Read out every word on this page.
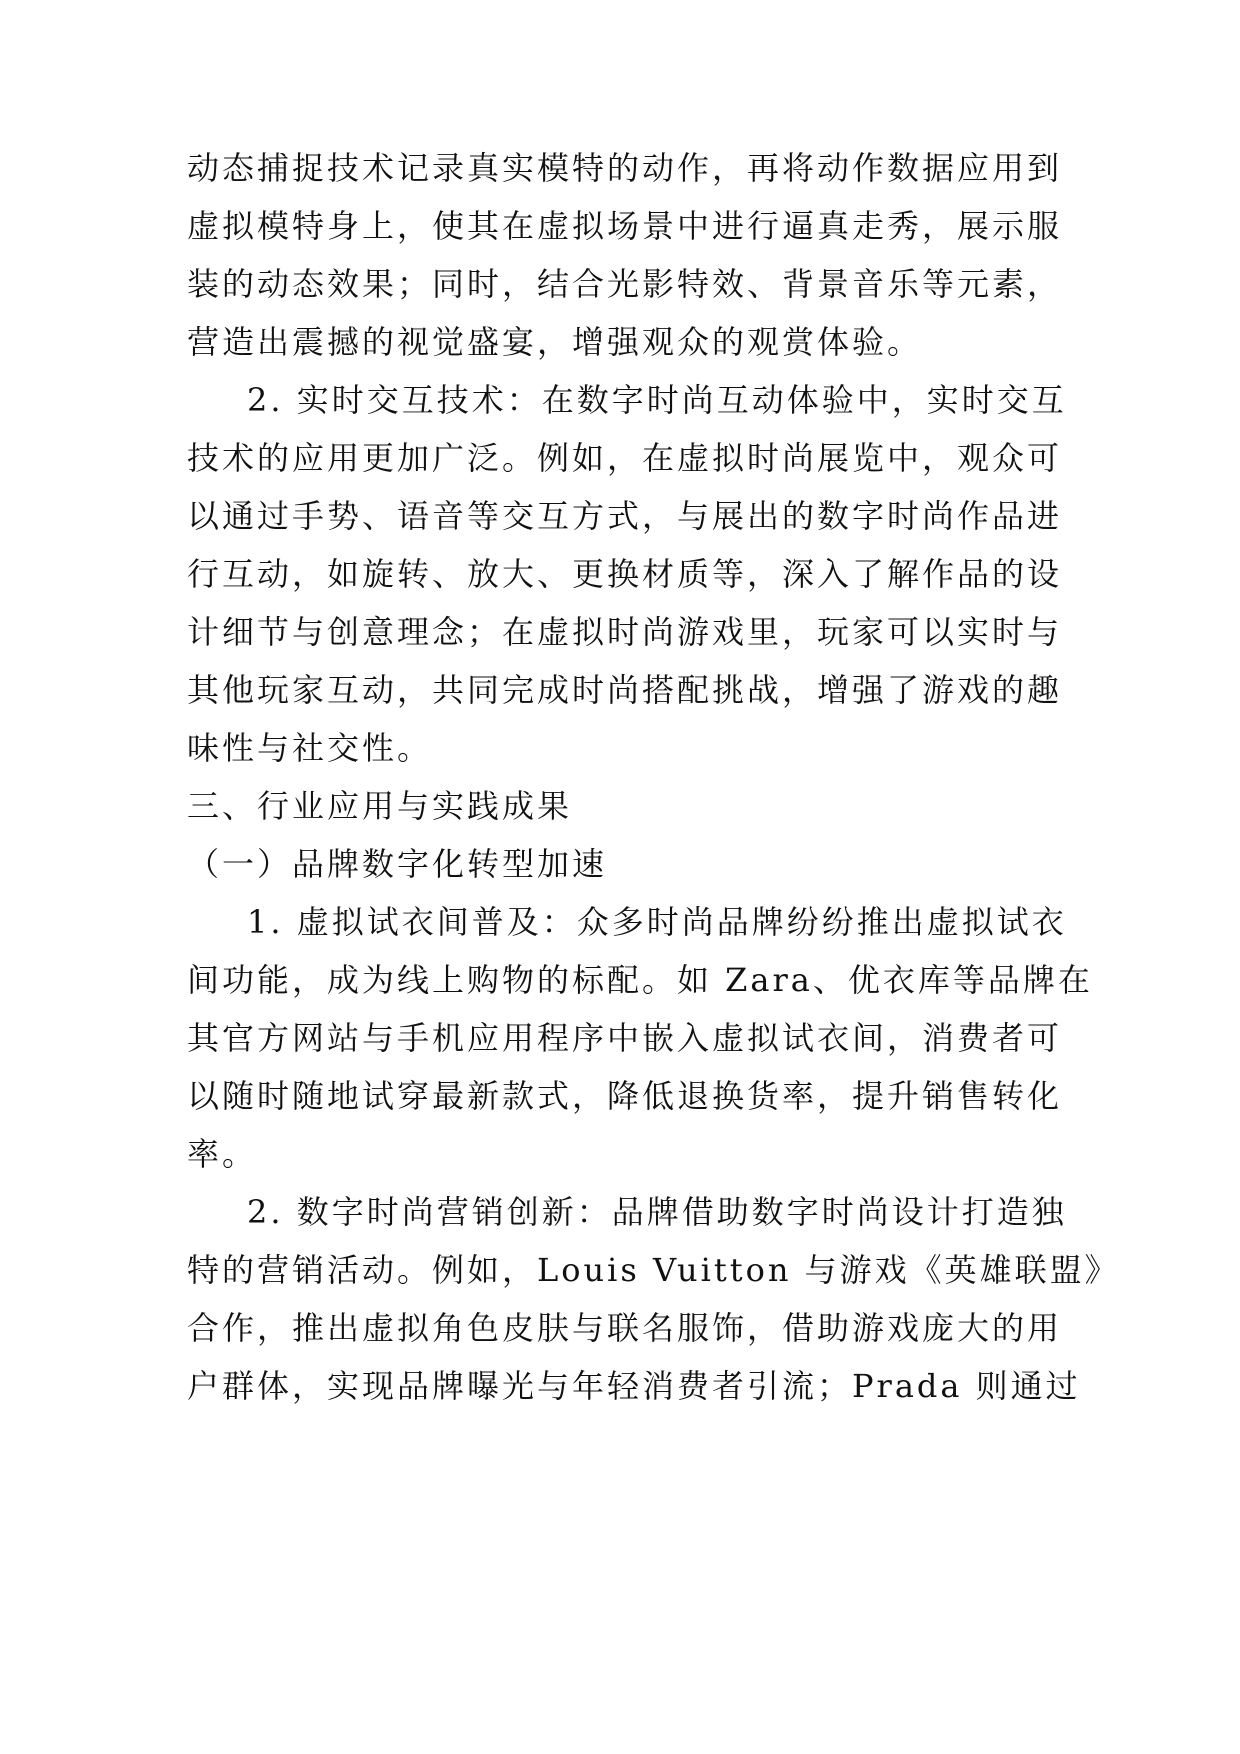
动态捕捉技术记录真实模特的动作，再将动作数据应用到
虚拟模特身上，使其在虚拟场景中进行逼真走秀，展示服
装的动态效果；同时，结合光影特效、背景音乐等元素，
营造出震撼的视觉盛宴，增强观众的观赏体验。
2. 实时交互技术：在数字时尚互动体验中，实时交互
技术的应用更加广泛。例如，在虚拟时尚展览中，观众可
以通过手势、语音等交互方式，与展出的数字时尚作品进
行互动，如旋转、放大、更换材质等，深入了解作品的设
计细节与创意理念；在虚拟时尚游戏里，玩家可以实时与
其他玩家互动，共同完成时尚搭配挑战，增强了游戏的趣
味性与社交性。
三、行业应用与实践成果
（一）品牌数字化转型加速
1. 虚拟试衣间普及：众多时尚品牌纷纷推出虚拟试衣
间功能，成为线上购物的标配。如 Zara、优衣库等品牌在
其官方网站与手机应用程序中嵌入虚拟试衣间，消费者可
以随时随地试穿最新款式，降低退换货率，提升销售转化
率。
2. 数字时尚营销创新：品牌借助数字时尚设计打造独
特的营销活动。例如，Louis Vuitton 与游戏《英雄联盟》
合作，推出虚拟角色皮肤与联名服饰，借助游戏庞大的用
户群体，实现品牌曝光与年轻消费者引流；Prada 则通过
